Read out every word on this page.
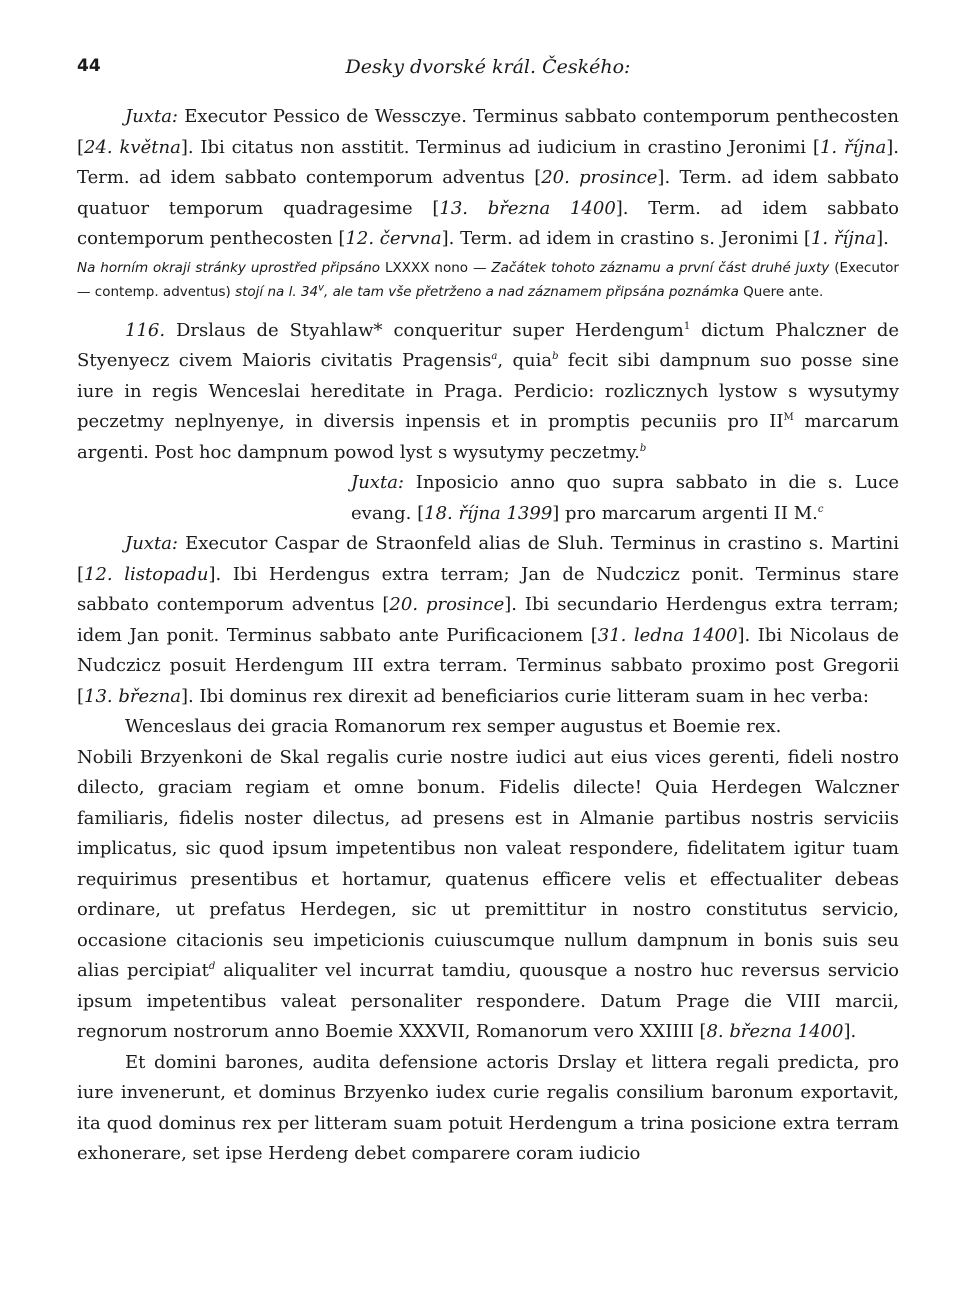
44	Desky dvorské král. Českého:

Juxta: Executor Pessico de Wessczye. Terminus sabbato contemporum penthecosten [24. května]. Ibi citatus non asstitit. Terminus ad iudicium in crastino Jeronimi [1. října]. Term. ad idem sabbato contemporum adventus [20. prosince]. Term. ad idem sabbato quatuor temporum quadragesime [13. března 1400]. Term. ad idem sabbato contemporum penthecosten [12. června]. Term. ad idem in crastino s. Jeronimi [1. října].

Na horním okraji stránky uprostřed připsáno LXXXX nono — Začátek tohoto záznamu a první část druhé juxty (Executor — contemp. adventus) stojí na l. 34$^v$, ale tam vše přetrženo a nad záznamem připsána poznámka Quere ante.

116. Drslaus de Styahlaw* conqueritur super Herdengum$^1$ dictum Phalczner de Styenyecz civem Maioris civitatis Pragensis$^a$, quia$^b$ fecit sibi dampnum suo posse sine iure in regis Wenceslai hereditate in Praga. Perdicio: rozlicznych lystow s wysutymy peczetmy neplnyenye, in diversis inpensis et in promptis pecuniis pro $II^M$ marcarum argenti. Post hoc dampnum powod lyst s wysutymy peczetmy.$^b$

Juxta: Inposicio anno quo supra sabbato in die s. Luce evang. [18. října 1399] pro marcarum argenti II M.$^c$

Juxta: Executor Caspar de Straonfeld alias de Sluh. Terminus in crastino s. Martini [12. listopadu]. Ibi Herdengus extra terram; Jan de Nudczicz ponit. Terminus stare sabbato contemporum adventus [20. prosince]. Ibi secundario Herdengus extra terram; idem Jan ponit. Terminus sabbato ante Purificacionem [31. ledna 1400]. Ibi Nicolaus de Nudczicz posuit Herdengum III extra terram. Terminus sabbato proximo post Gregorii [13. března]. Ibi dominus rex direxit ad beneficiarios curie litteram suam in hec verba:

Wenceslaus dei gracia Romanorum rex semper augustus et Boemie rex.

Nobili Brzyenkoni de Skal regalis curie nostre iudici aut eius vices gerenti, fideli nostro dilecto, graciam regiam et omne bonum. Fidelis dilecte! Quia Herdegen Walczner familiaris, fidelis noster dilectus, ad presens est in Almanie partibus nostris serviciis implicatus, sic quod ipsum impetentibus non valeat respondere, fidelitatem igitur tuam requirimus presentibus et hortamur, quatenus efficere velis et effectualiter debeas ordinare, ut prefatus Herdegen, sic ut premittitur in nostro constitutus servicio, occasione citacionis seu impeticionis cuiuscumque nullum dampnum in bonis suis seu alias percipiat$^d$ aliqualiter vel incurrat tamdiu, quousque a nostro huc reversus servicio ipsum impetentibus valeat personaliter respondere. Datum Prage die VIII marcii, regnorum nostrorum anno Boemie XXXVII, Romanorum vero XXIIII [8. března 1400].

Et domini barones, audita defensione actoris Drslay et littera regali predicta, pro iure invenerunt, et dominus Brzyenko iudex curie regalis consilium baronum exportavit, ita quod dominus rex per litteram suam potuit Herdengum a trina posicione extra terram exhonerare, set ipse Herdeng debet comparere coram iudicio
